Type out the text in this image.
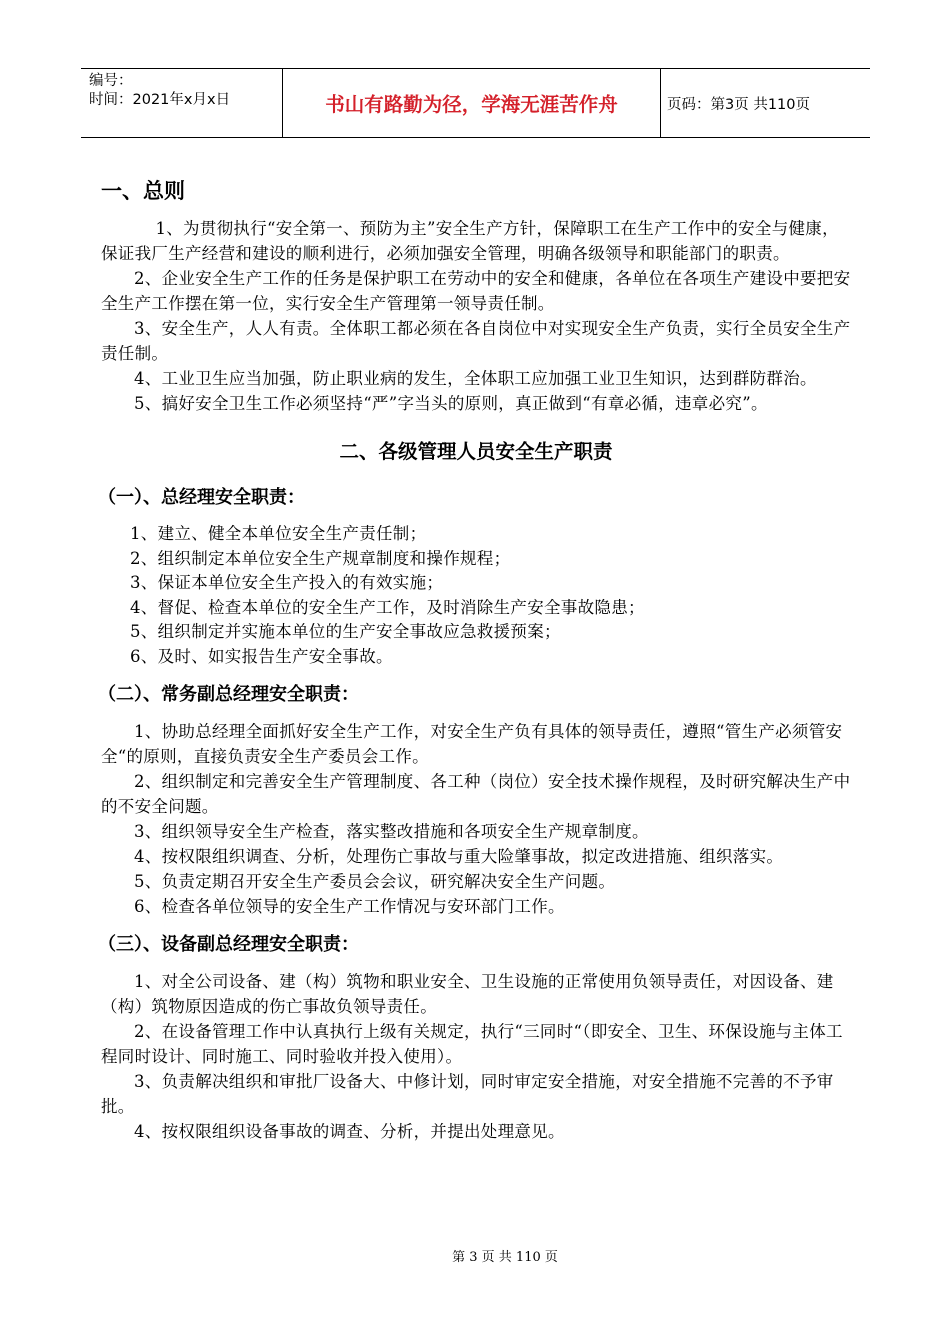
编号：
时间：2021年x月x日	书山有路勤为径，学海无涯苦作舟	页码：第3页 共110页
一、总则

1、为贯彻执行“安全第一、预防为主”安全生产方针，保障职工在生产工作中的安全与健康，保证我厂生产经营和建设的顺利进行，必须加强安全管理，明确各级领导和职能部门的职责。

2、企业安全生产工作的任务是保护职工在劳动中的安全和健康，各单位在各项生产建设中要把安全生产工作摆在第一位，实行安全生产管理第一领导责任制。

3、安全生产，人人有责。全体职工都必须在各自岗位中对实现安全生产负责，实行全员安全生产责任制。

4、工业卫生应当加强，防止职业病的发生，全体职工应加强工业卫生知识，达到群防群治。

5、搞好安全卫生工作必须坚持“严”字当头的原则，真正做到“有章必循，违章必究”。

二、各级管理人员安全生产职责
（一）、总经理安全职责：

1、建立、健全本单位安全生产责任制；

2、组织制定本单位安全生产规章制度和操作规程；

3、保证本单位安全生产投入的有效实施；

4、督促、检查本单位的安全生产工作，及时消除生产安全事故隐患；

5、组织制定并实施本单位的生产安全事故应急救援预案；

6、及时、如实报告生产安全事故。

（二）、常务副总经理安全职责：

1、协助总经理全面抓好安全生产工作，对安全生产负有具体的领导责任，遵照“管生产必须管安全“的原则，直接负责安全生产委员会工作。

2、组织制定和完善安全生产管理制度、各工种（岗位）安全技术操作规程，及时研究解决生产中的不安全问题。

3、组织领导安全生产检查，落实整改措施和各项安全生产规章制度。

4、按权限组织调查、分析，处理伤亡事故与重大险肇事故，拟定改进措施、组织落实。

5、负责定期召开安全生产委员会会议，研究解决安全生产问题。

6、检查各单位领导的安全生产工作情况与安环部门工作。

（三）、设备副总经理安全职责：

1、对全公司设备、建（构）筑物和职业安全、卫生设施的正常使用负领导责任，对因设备、建（构）筑物原因造成的伤亡事故负领导责任。

2、在设备管理工作中认真执行上级有关规定，执行“三同时“（即安全、卫生、环保设施与主体工程同时设计、同时施工、同时验收并投入使用）。

3、负责解决组织和审批厂设备大、中修计划，同时审定安全措施，对安全措施不完善的不予审批。

4、按权限组织设备事故的调查、分析，并提出处理意见。

第 3 页 共 110 页
